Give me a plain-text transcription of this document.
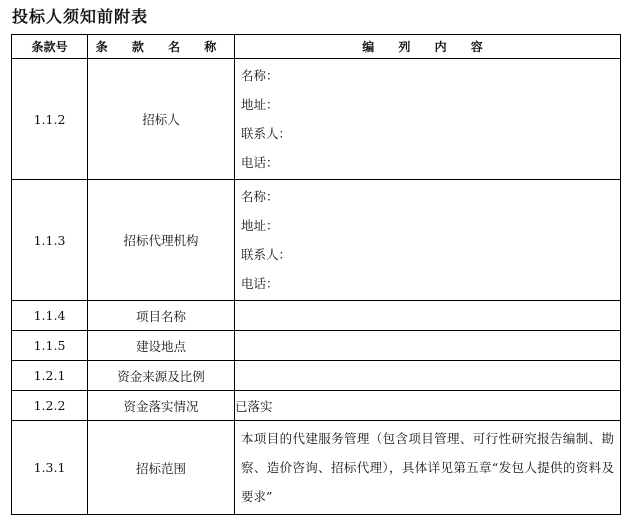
投标人须知前附表
条款号	条 款 名 称	编 列 内 容
1.1.2	招标人	名称：
地址：
联系人：
电话：

1.1.3	招标代理机构	名称：
地址：
联系人：
电话：

1.1.4	项目名称	
1.1.5	建设地点	
1.2.1	资金来源及比例	
1.2.2	资金落实情况	已落实
1.3.1	招标范围	本项目的代建服务管理（包含项目管理、可行性研究报告编制、勘察、造价咨询、招标代理），具体详见第五章“发包人提供的资料及要求”
